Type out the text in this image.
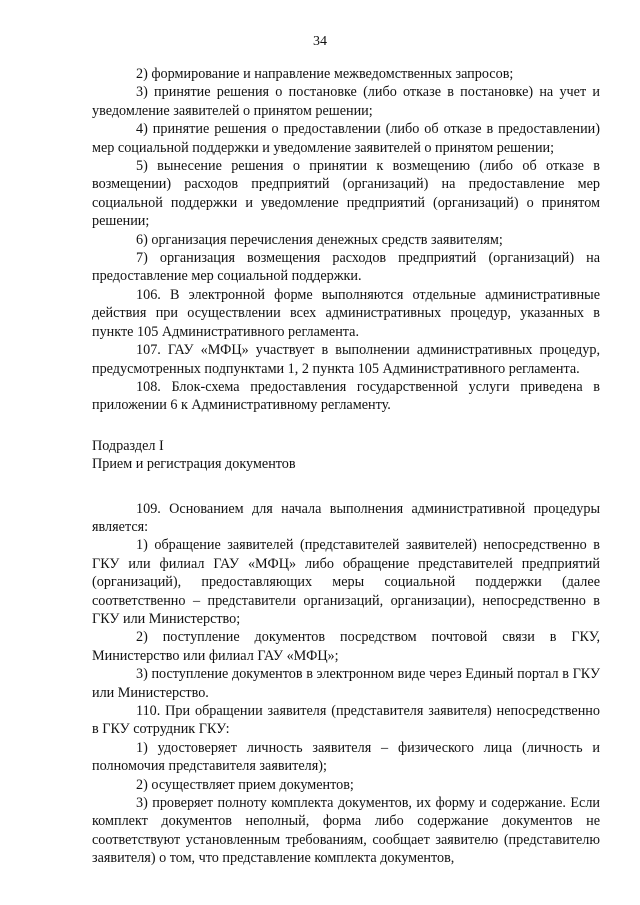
34

2) формирование и направление межведомственных запросов;

3) принятие решения о постановке (либо отказе в постановке) на учет и уведомление заявителей о принятом решении;

4) принятие решения о предоставлении (либо об отказе в предоставлении) мер социальной поддержки и уведомление заявителей о принятом решении;

5) вынесение решения о принятии к возмещению (либо об отказе в возмещении) расходов предприятий (организаций) на предоставление мер социальной поддержки и уведомление предприятий (организаций) о принятом решении;

6) организация перечисления денежных средств заявителям;

7) организация возмещения расходов предприятий (организаций) на предоставление мер социальной поддержки.

106. В электронной форме выполняются отдельные административные действия при осуществлении всех административных процедур, указанных в пункте 105 Административного регламента.

107. ГАУ «МФЦ» участвует в выполнении административных процедур, предусмотренных подпунктами 1, 2 пункта 105 Административного регламента.

108. Блок-схема предоставления государственной услуги приведена в приложении 6 к Административному регламенту.

Подраздел I

Прием и регистрация документов

109. Основанием для начала выполнения административной процедуры является:

1) обращение заявителей (представителей заявителей) непосредственно в ГКУ или филиал ГАУ «МФЦ» либо обращение представителей предприятий (организаций), предоставляющих меры социальной поддержки (далее соответственно – представители организаций, организации), непосредственно в ГКУ или Министерство;

2) поступление документов посредством почтовой связи в ГКУ, Министерство или филиал ГАУ «МФЦ»;

3) поступление документов в электронном виде через Единый портал в ГКУ или Министерство.

110. При обращении заявителя (представителя заявителя) непосредственно в ГКУ сотрудник ГКУ:

1) удостоверяет личность заявителя – физического лица (личность и полномочия представителя заявителя);

2) осуществляет прием документов;

3) проверяет полноту комплекта документов, их форму и содержание. Если комплект документов неполный, форма либо содержание документов не соответствуют установленным требованиям, сообщает заявителю (представителю заявителя) о том, что представление комплекта документов,
